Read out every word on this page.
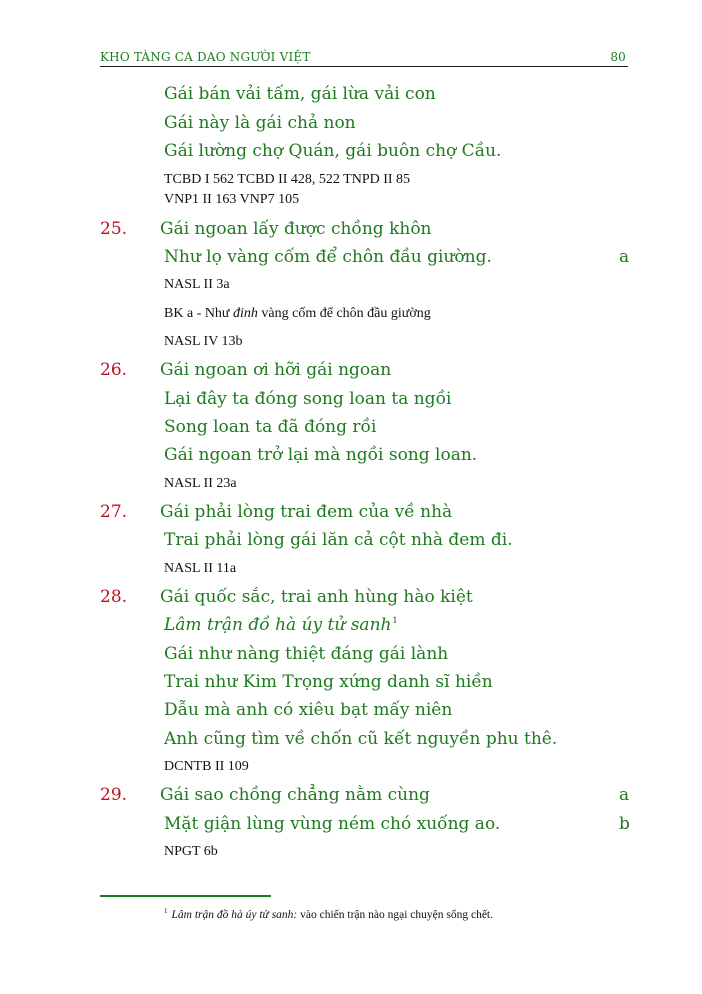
KHO TÀNG CA DAO NGƯỜI VIỆT	80
Gái bán vải tấm, gái lừa vải con
Gái này là gái chả non
Gái lường chợ Quán, gái buôn chợ Cầu.
TCBD I 562 TCBD II 428, 522 TNPD II 85
VNP1 II 163 VNP7 105
25. Gái ngoan lấy được chồng khôn
Như lọ vàng cốm để chôn đầu giường.	a
NASL II 3a
BK a - Như đinh vàng cốm để chôn đầu giường
NASL IV 13b
26. Gái ngoan ơi hỡi gái ngoan
Lại đây ta đóng song loan ta ngồi
Song loan ta đã đóng rồi
Gái ngoan trở lại mà ngồi song loan.
NASL II 23a
27. Gái phải lòng trai đem của về nhà
Trai phải lòng gái lăn cả cột nhà đem đi.
NASL II 11a
28. Gái quốc sắc, trai anh hùng hào kiệt
Lâm trận đồ hà úy tử sanh$^1$
Gái như nàng thiệt đáng gái lành
Trai như Kim Trọng xứng danh sĩ hiền
Dẫu mà anh có xiêu bạt mấy niên
Anh cũng tìm về chốn cũ kết nguyền phu thê.
DCNTB II 109
29. Gái sao chồng chẳng nằm cùng	a
Mặt giận lùng vùng ném chó xuống ao.	b
NPGT 6b
$^1$ Lâm trận đồ hà úy tử sanh: vào chiến trận nào ngại chuyện sống chết.
